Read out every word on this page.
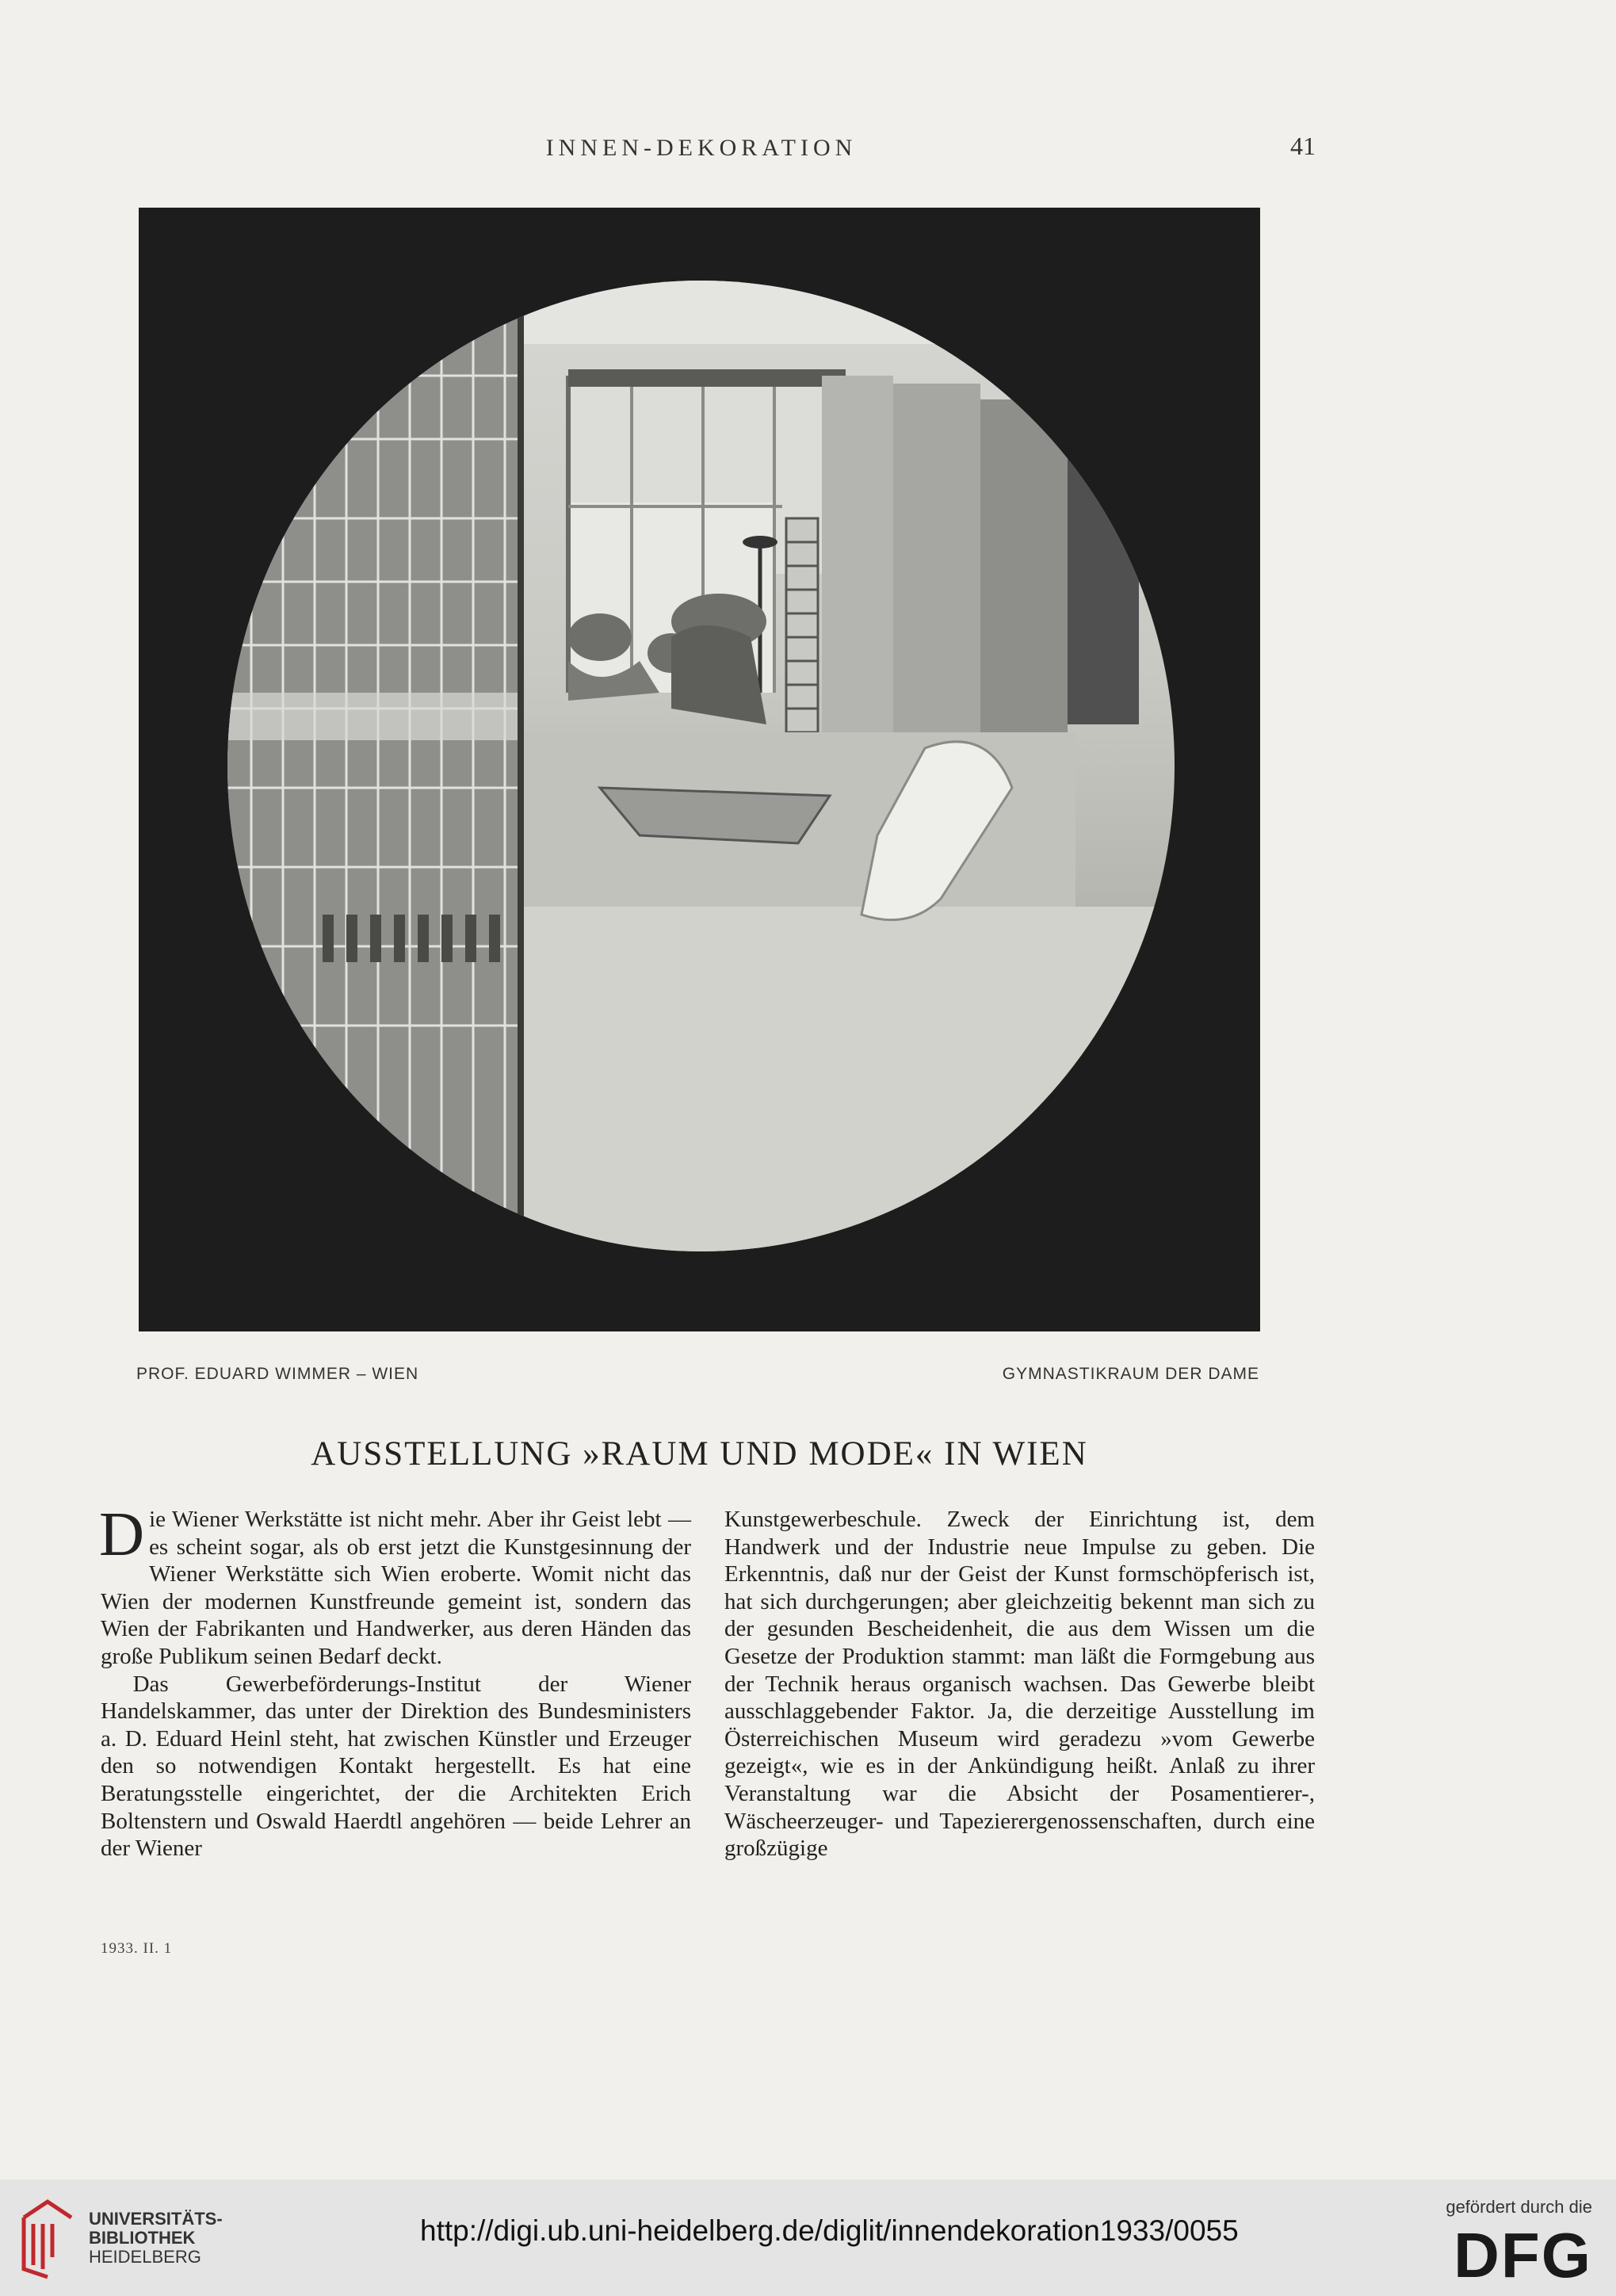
INNEN-DEKORATION	41
PROF. EDUARD WIMMER – WIEN	GYMNASTIKRAUM DER DAME
AUSSTELLUNG »RAUM UND MODE« IN WIEN

Die Wiener Werkstätte ist nicht mehr. Aber ihr Geist lebt — es scheint sogar, als ob erst jetzt die Kunstgesinnung der Wiener Werkstätte sich Wien eroberte. Womit nicht das Wien der modernen Kunstfreunde gemeint ist, sondern das Wien der Fabrikanten und Handwerker, aus deren Händen das große Publikum seinen Bedarf deckt.

Das Gewerbeförderungs-Institut der Wiener Handelskammer, das unter der Direktion des Bundesministers a. D. Eduard Heinl steht, hat zwischen Künstler und Erzeuger den so notwendigen Kontakt hergestellt. Es hat eine Beratungsstelle eingerichtet, der die Architekten Erich Boltenstern und Oswald Haerdtl angehören — beide Lehrer an der Wiener

Kunstgewerbeschule. Zweck der Einrichtung ist, dem Handwerk und der Industrie neue Impulse zu geben. Die Erkenntnis, daß nur der Geist der Kunst formschöpferisch ist, hat sich durchgerungen; aber gleichzeitig bekennt man sich zu der gesunden Bescheidenheit, die aus dem Wissen um die Gesetze der Produktion stammt: man läßt die Formgebung aus der Technik heraus organisch wachsen. Das Gewerbe bleibt ausschlaggebender Faktor. Ja, die derzeitige Ausstellung im Österreichischen Museum wird geradezu »vom Gewerbe gezeigt«, wie es in der Ankündigung heißt. Anlaß zu ihrer Veranstaltung war die Absicht der Posamentierer-, Wäscheerzeuger- und Tapezierergenossenschaften, durch eine großzügige

1933. II. 1
UNIVERSITÄTS-
BIBLIOTHEK
HEIDELBERG
http://digi.ub.uni-heidelberg.de/diglit/innendekoration1933/0055
gefördert durch die
DFG
